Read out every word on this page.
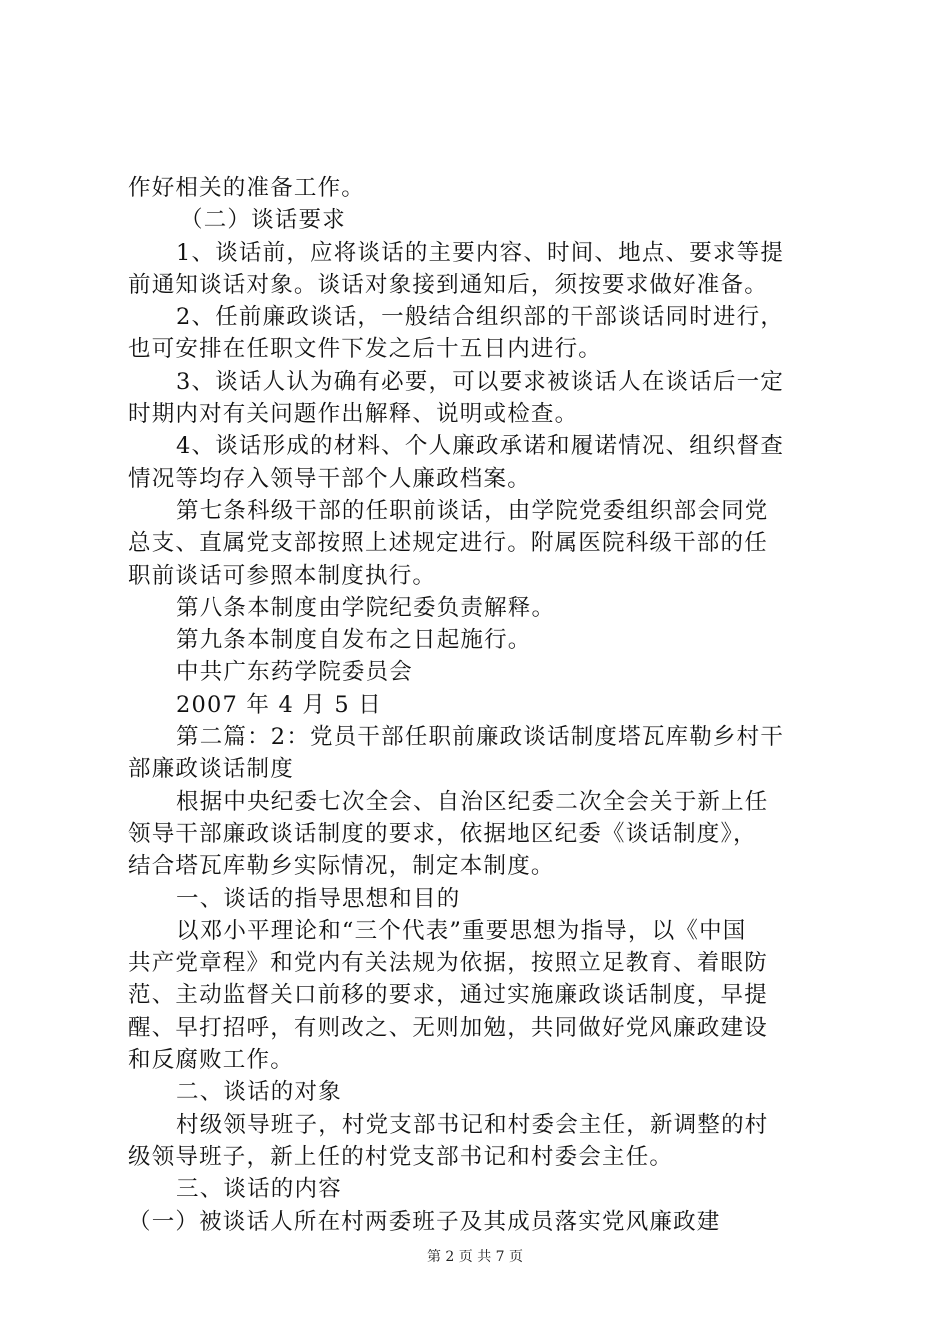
作好相关的准备工作。
（二）谈话要求
1、谈话前，应将谈话的主要内容、时间、地点、要求等提
前通知谈话对象。谈话对象接到通知后，须按要求做好准备。
2、任前廉政谈话，一般结合组织部的干部谈话同时进行，
也可安排在任职文件下发之后十五日内进行。
3、谈话人认为确有必要，可以要求被谈话人在谈话后一定
时期内对有关问题作出解释、说明或检查。
4、谈话形成的材料、个人廉政承诺和履诺情况、组织督查
情况等均存入领导干部个人廉政档案。
第七条科级干部的任职前谈话，由学院党委组织部会同党
总支、直属党支部按照上述规定进行。附属医院科级干部的任
职前谈话可参照本制度执行。
第八条本制度由学院纪委负责解释。
第九条本制度自发布之日起施行。
中共广东药学院委员会
2007 年 4 月 5 日
第二篇：2：党员干部任职前廉政谈话制度塔瓦库勒乡村干
部廉政谈话制度
根据中央纪委七次全会、自治区纪委二次全会关于新上任
领导干部廉政谈话制度的要求，依据地区纪委《谈话制度》，
结合塔瓦库勒乡实际情况，制定本制度。
一、谈话的指导思想和目的
以邓小平理论和“三个代表”重要思想为指导，以《中国
共产党章程》和党内有关法规为依据，按照立足教育、着眼防
范、主动监督关口前移的要求，通过实施廉政谈话制度，早提
醒、早打招呼，有则改之、无则加勉，共同做好党风廉政建设
和反腐败工作。
二、谈话的对象
村级领导班子，村党支部书记和村委会主任，新调整的村
级领导班子，新上任的村党支部书记和村委会主任。
三、谈话的内容
（一）被谈话人所在村两委班子及其成员落实党风廉政建
第 2 页 共 7 页
